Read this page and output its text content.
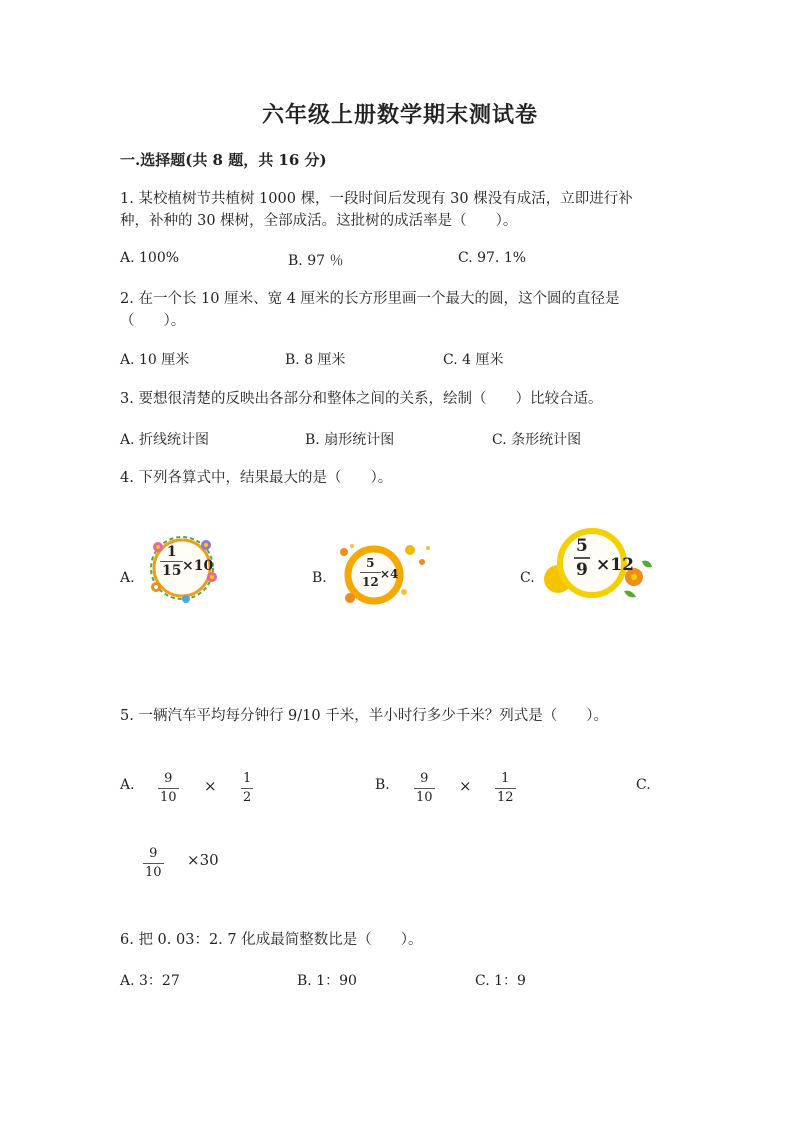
六年级上册数学期末测试卷
一.选择题(共 8 题，共 16 分)
1. 某校植树节共植树 1000 棵，一段时间后发现有 30 棵没有成活，立即进行补
种，补种的 30 棵树，全部成活。这批树的成活率是（　　）。
A. 100%	B. 97 ％	C. 97. 1%
2. 在一个长 10 厘米、宽 4 厘米的长方形里画一个最大的圆，这个圆的直径是
（　　）。
A. 10 厘米	B. 8 厘米	C. 4 厘米
3. 要想很清楚的反映出各部分和整体之间的关系，绘制（　　）比较合适。
A. 折线统计图	B. 扇形统计图	C. 条形统计图
4. 下列各算式中，结果最大的是（　　）。
A.
1
15 ×10
B.
5
12
×4	C.
5
9 ×12
5. 一辆汽车平均每分钟行 9/10 千米，半小时行多少千米？列式是（　　）。
A. 9
10
× 1
2
B. 9
10
× 1
12
C.
9
10
×30
6. 把 0. 03：2. 7 化成最简整数比是（　　）。
A. 3：27	B. 1：90	C. 1：9
